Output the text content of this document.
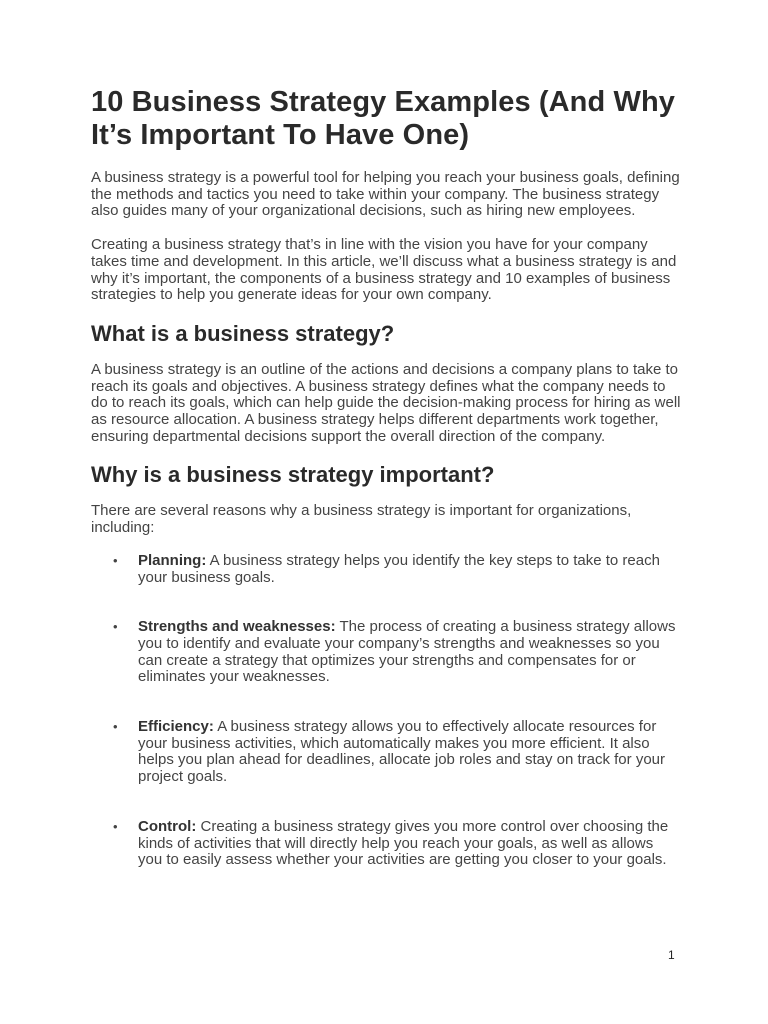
10 Business Strategy Examples (And Why It’s Important To Have One)

A business strategy is a powerful tool for helping you reach your business goals, defining the methods and tactics you need to take within your company. The business strategy also guides many of your organizational decisions, such as hiring new employees.

Creating a business strategy that’s in line with the vision you have for your company takes time and development. In this article, we’ll discuss what a business strategy is and why it’s important, the components of a business strategy and 10 examples of business strategies to help you generate ideas for your own company.

What is a business strategy?

A business strategy is an outline of the actions and decisions a company plans to take to reach its goals and objectives. A business strategy defines what the company needs to do to reach its goals, which can help guide the decision-making process for hiring as well as resource allocation. A business strategy helps different departments work together, ensuring departmental decisions support the overall direction of the company.

Why is a business strategy important?

There are several reasons why a business strategy is important for organizations, including:

• Planning: A business strategy helps you identify the key steps to take to reach your business goals.
• Strengths and weaknesses: The process of creating a business strategy allows you to identify and evaluate your company’s strengths and weaknesses so you can create a strategy that optimizes your strengths and compensates for or eliminates your weaknesses.
• Efficiency: A business strategy allows you to effectively allocate resources for your business activities, which automatically makes you more efficient. It also helps you plan ahead for deadlines, allocate job roles and stay on track for your project goals.
• Control: Creating a business strategy gives you more control over choosing the kinds of activities that will directly help you reach your goals, as well as allows you to easily assess whether your activities are getting you closer to your goals.
1
